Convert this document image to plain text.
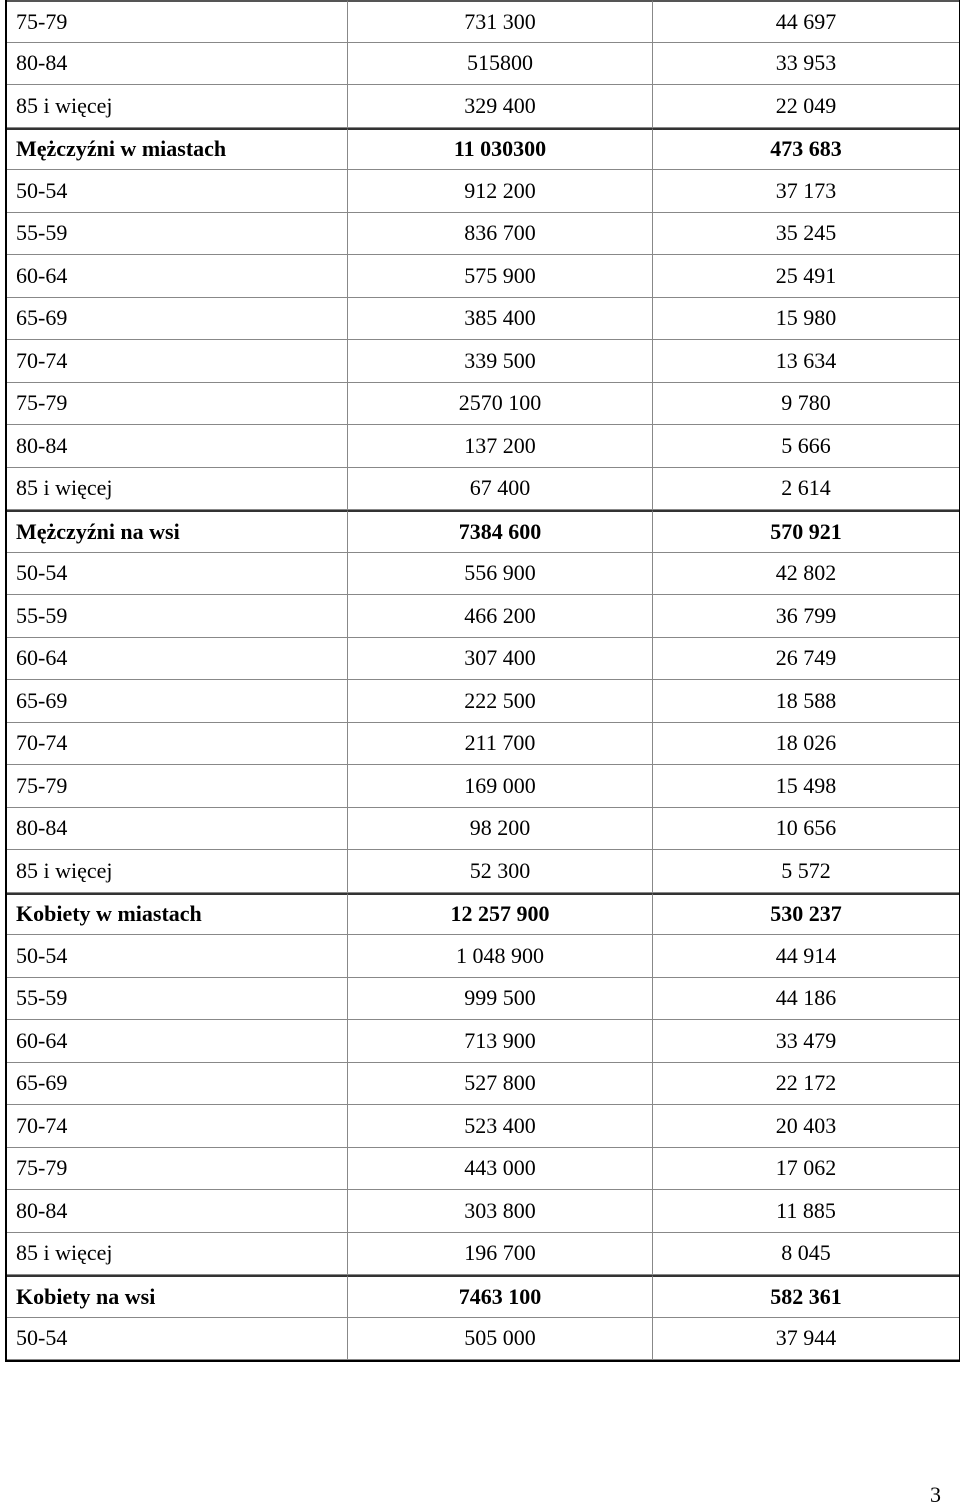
75-79	731 300	44 697
80-84	515800	33 953
85 i więcej	329 400	22 049
Mężczyźni w miastach	11 030300	473 683
50-54	912 200	37 173
55-59	836 700	35 245
60-64	575 900	25 491
65-69	385 400	15 980
70-74	339 500	13 634
75-79	2570 100	9 780
80-84	137 200	5 666
85 i więcej	67 400	2 614
Mężczyźni na wsi	7384 600	570 921
50-54	556 900	42 802
55-59	466 200	36 799
60-64	307 400	26 749
65-69	222 500	18 588
70-74	211 700	18 026
75-79	169 000	15 498
80-84	98 200	10 656
85 i więcej	52 300	5 572
Kobiety w miastach	12 257 900	530 237
50-54	1 048 900	44 914
55-59	999 500	44 186
60-64	713 900	33 479
65-69	527 800	22 172
70-74	523 400	20 403
75-79	443 000	17 062
80-84	303 800	11 885
85 i więcej	196 700	8 045
Kobiety na wsi	7463 100	582 361
50-54	505 000	37 944
3
